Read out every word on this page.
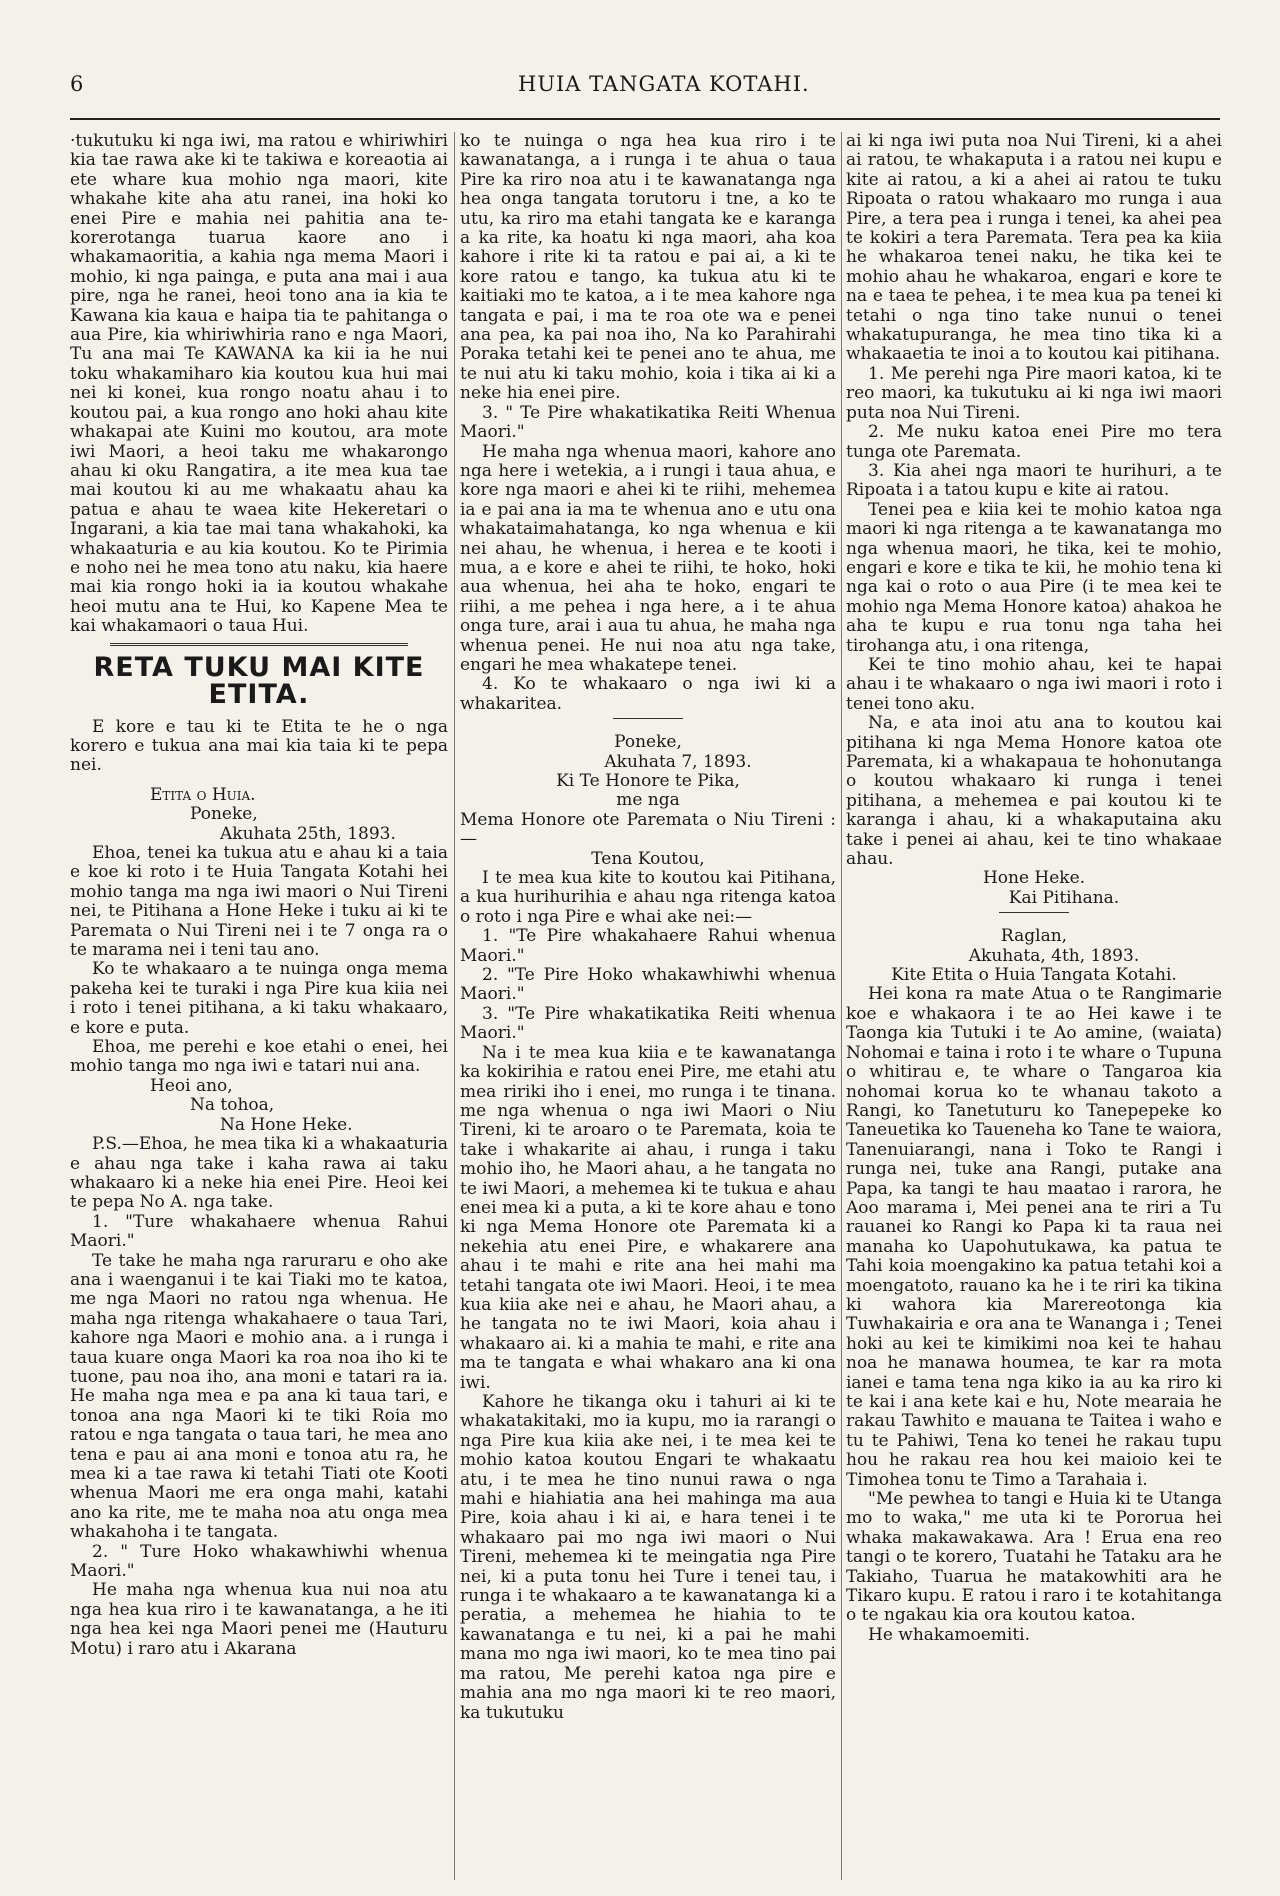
6	HUIA TANGATA KOTAHI.

·tukutuku ki nga iwi, ma ratou e whiriwhiri kia tae rawa ake ki te takiwa e koreaotia ai ete whare kua mohio nga maori, kite whakahe kite aha atu ranei, ina hoki ko enei Pire e mahia nei pahitia ana te-korerotanga tuarua kaore ano i whakamaoritia, a kahia nga mema Maori i mohio, ki nga painga, e puta ana mai i aua pire, nga he ranei, heoi tono ana ia kia te Kawana kia kaua e haipa tia te pahitanga o aua Pire, kia whiriwhiria rano e nga Maori, Tu ana mai Te KAWANA ka kii ia he nui toku whakamiharo kia koutou kua hui mai nei ki konei, kua rongo noatu ahau i to koutou pai, a kua rongo ano hoki ahau kite whakapai ate Kuini mo koutou, ara mote iwi Maori, a heoi taku me whakarongo ahau ki oku Rangatira, a ite mea kua tae mai koutou ki au me whakaatu ahau ka patua e ahau te waea kite Hekeretari o Ingarani, a kia tae mai tana whakahoki, ka whakaaturia e au kia koutou. Ko te Pirimia e noho nei he mea tono atu naku, kia haere mai kia rongo hoki ia ia koutou whakahe heoi mutu ana te Hui, ko Kapene Mea te kai whakamaori o taua Hui.

RETA TUKU MAI KITE ETITA.

E kore e tau ki te Etita te he o nga korero e tukua ana mai kia taia ki te pepa nei.

Etita o Huia.

Poneke,

Akuhata 25th, 1893.

Ehoa, tenei ka tukua atu e ahau ki a taia e koe ki roto i te Huia Tangata Kotahi hei mohio tanga ma nga iwi maori o Nui Tireni nei, te Pitihana a Hone Heke i tuku ai ki te Paremata o Nui Tireni nei i te 7 onga ra o te marama nei i teni tau ano.

Ko te whakaaro a te nuinga onga mema pakeha kei te turaki i nga Pire kua kiia nei i roto i tenei pitihana, a ki taku whakaaro, e kore e puta.

Ehoa, me perehi e koe etahi o enei, hei mohio tanga mo nga iwi e tatari nui ana.

Heoi ano,

Na tohoa,

Na Hone Heke.

P.S.—Ehoa, he mea tika ki a whakaaturia e ahau nga take i kaha rawa ai taku whakaaro ki a neke hia enei Pire. Heoi kei te pepa No A. nga take.

1. "Ture whakahaere whenua Rahui Maori."

Te take he maha nga raruraru e oho ake ana i waenganui i te kai Tiaki mo te katoa, me nga Maori no ratou nga whenua. He maha nga ritenga whakahaere o taua Tari, kahore nga Maori e mohio ana. a i runga i taua kuare onga Maori ka roa noa iho ki te tuone, pau noa iho, ana moni e tatari ra ia. He maha nga mea e pa ana ki taua tari, e tonoa ana nga Maori ki te tiki Roia mo ratou e nga tangata o taua tari, he mea ano tena e pau ai ana moni e tonoa atu ra, he mea ki a tae rawa ki tetahi Tiati ote Kooti whenua Maori me era onga mahi, katahi ano ka rite, me te maha noa atu onga mea whakahoha i te tangata.

2. " Ture Hoko whakawhiwhi whenua Maori."

He maha nga whenua kua nui noa atu nga hea kua riro i te kawanatanga, a he iti nga hea kei nga Maori penei me (Hauturu Motu) i raro atu i Akarana

ko te nuinga o nga hea kua riro i te kawanatanga, a i runga i te ahua o taua Pire ka riro noa atu i te kawanatanga nga hea onga tangata torutoru i tne, a ko te utu, ka riro ma etahi tangata ke e karanga a ka rite, ka hoatu ki nga maori, aha koa kahore i rite ki ta ratou e pai ai, a ki te kore ratou e tango, ka tukua atu ki te kaitiaki mo te katoa, a i te mea kahore nga tangata e pai, i ma te roa ote wa e penei ana pea, ka pai noa iho, Na ko Parahirahi Poraka tetahi kei te penei ano te ahua, me te nui atu ki taku mohio, koia i tika ai ki a neke hia enei pire.

3. " Te Pire whakatikatika Reiti Whenua Maori."

He maha nga whenua maori, kahore ano nga here i wetekia, a i rungi i taua ahua, e kore nga maori e ahei ki te riihi, mehemea ia e pai ana ia ma te whenua ano e utu ona whakataimahatanga, ko nga whenua e kii nei ahau, he whenua, i herea e te kooti i mua, a e kore e ahei te riihi, te hoko, hoki aua whenua, hei aha te hoko, engari te riihi, a me pehea i nga here, a i te ahua onga ture, arai i aua tu ahua, he maha nga whenua penei. He nui noa atu nga take, engari he mea whakatepe tenei.

4. Ko te whakaaro o nga iwi ki a whakaritea.

Poneke,

Akuhata 7, 1893.

Ki Te Honore te Pika,

me nga

Mema Honore ote Paremata o Niu Tireni :—

Tena Koutou,

I te mea kua kite to koutou kai Pitihana, a kua hurihurihia e ahau nga ritenga katoa o roto i nga Pire e whai ake nei:—

1. "Te Pire whakahaere Rahui whenua Maori."

2. "Te Pire Hoko whakawhiwhi whenua Maori."

3. "Te Pire whakatikatika Reiti whenua Maori."

Na i te mea kua kiia e te kawanatanga ka kokirihia e ratou enei Pire, me etahi atu mea ririki iho i enei, mo runga i te tinana. me nga whenua o nga iwi Maori o Niu Tireni, ki te aroaro o te Paremata, koia te take i whakarite ai ahau, i runga i taku mohio iho, he Maori ahau, a he tangata no te iwi Maori, a mehemea ki te tukua e ahau enei mea ki a puta, a ki te kore ahau e tono ki nga Mema Honore ote Paremata ki a nekehia atu enei Pire, e whakarere ana ahau i te mahi e rite ana hei mahi ma tetahi tangata ote iwi Maori. Heoi, i te mea kua kiia ake nei e ahau, he Maori ahau, a he tangata no te iwi Maori, koia ahau i whakaaro ai. ki a mahia te mahi, e rite ana ma te tangata e whai whakaro ana ki ona iwi.

Kahore he tikanga oku i tahuri ai ki te whakatakitaki, mo ia kupu, mo ia rarangi o nga Pire kua kiia ake nei, i te mea kei te mohio katoa koutou Engari te whakaatu atu, i te mea he tino nunui rawa o nga mahi e hiahiatia ana hei mahinga ma aua Pire, koia ahau i ki ai, e hara tenei i te whakaaro pai mo nga iwi maori o Nui Tireni, mehemea ki te meingatia nga Pire nei, ki a puta tonu hei Ture i tenei tau, i runga i te whakaaro a te kawanatanga ki a peratia, a mehemea he hiahia to te kawanatanga e tu nei, ki a pai he mahi mana mo nga iwi maori, ko te mea tino pai ma ratou, Me perehi katoa nga pire e mahia ana mo nga maori ki te reo maori, ka tukutuku

ai ki nga iwi puta noa Nui Tireni, ki a ahei ai ratou, te whakaputa i a ratou nei kupu e kite ai ratou, a ki a ahei ai ratou te tuku Ripoata o ratou whakaaro mo runga i aua Pire, a tera pea i runga i tenei, ka ahei pea te kokiri a tera Paremata. Tera pea ka kiia he whakaroa tenei naku, he tika kei te mohio ahau he whakaroa, engari e kore te na e taea te pehea, i te mea kua pa tenei ki tetahi o nga tino take nunui o tenei whakatupuranga, he mea tino tika ki a whakaaetia te inoi a to koutou kai pitihana.

1. Me perehi nga Pire maori katoa, ki te reo maori, ka tukutuku ai ki nga iwi maori puta noa Nui Tireni.

2. Me nuku katoa enei Pire mo tera tunga ote Paremata.

3. Kia ahei nga maori te hurihuri, a te Ripoata i a tatou kupu e kite ai ratou.

Tenei pea e kiia kei te mohio katoa nga maori ki nga ritenga a te kawanatanga mo nga whenua maori, he tika, kei te mohio, engari e kore e tika te kii, he mohio tena ki nga kai o roto o aua Pire (i te mea kei te mohio nga Mema Honore katoa) ahakoa he aha te kupu e rua tonu nga taha hei tirohanga atu, i ona ritenga,

Kei te tino mohio ahau, kei te hapai ahau i te whakaaro o nga iwi maori i roto i tenei tono aku.

Na, e ata inoi atu ana to koutou kai pitihana ki nga Mema Honore katoa ote Paremata, ki a whakapaua te hohonutanga o koutou whakaaro ki runga i tenei pitihana, a mehemea e pai koutou ki te karanga i ahau, ki a whakaputaina aku take i penei ai ahau, kei te tino whakaae ahau.

Hone Heke.

Kai Pitihana.

Raglan,

Akuhata, 4th, 1893.

Kite Etita o Huia Tangata Kotahi.

Hei kona ra mate Atua o te Rangimarie koe e whakaora i te ao Hei kawe i te Taonga kia Tutuki i te Ao amine, (waiata) Nohomai e taina i roto i te whare o Tupuna o whitirau e, te whare o Tangaroa kia nohomai korua ko te whanau takoto a Rangi, ko Tanetuturu ko Tanepepeke ko Taneuetika ko Taueneha ko Tane te waiora, Tanenuiarangi, nana i Toko te Rangi i runga nei, tuke ana Rangi, putake ana Papa, ka tangi te hau maatao i rarora, he Aoo marama i, Mei penei ana te riri a Tu rauanei ko Rangi ko Papa ki ta raua nei manaha ko Uapohutukawa, ka patua te Tahi koia moengakino ka patua tetahi koi a moengatoto, rauano ka he i te riri ka tikina ki wahora kia Marereotonga kia Tuwhakairia e ora ana te Wananga i ; Tenei hoki au kei te kimikimi noa kei te hahau noa he manawa houmea, te kar ra mota ianei e tama tena nga kiko ia au ka riro ki te kai i ana kete kai e hu, Note mearaia he rakau Tawhito e mauana te Taitea i waho e tu te Pahiwi, Tena ko tenei he rakau tupu hou he rakau rea hou kei maioio kei te Timohea tonu te Timo a Tarahaia i.

"Me pewhea to tangi e Huia ki te Utanga mo to waka," me uta ki te Pororua hei whaka makawakawa. Ara ! Erua ena reo tangi o te korero, Tuatahi he Tataku ara he Takiaho, Tuarua he matakowhiti ara he Tikaro kupu. E ratou i raro i te kotahitanga o te ngakau kia ora koutou katoa.

He whakamoemiti.
